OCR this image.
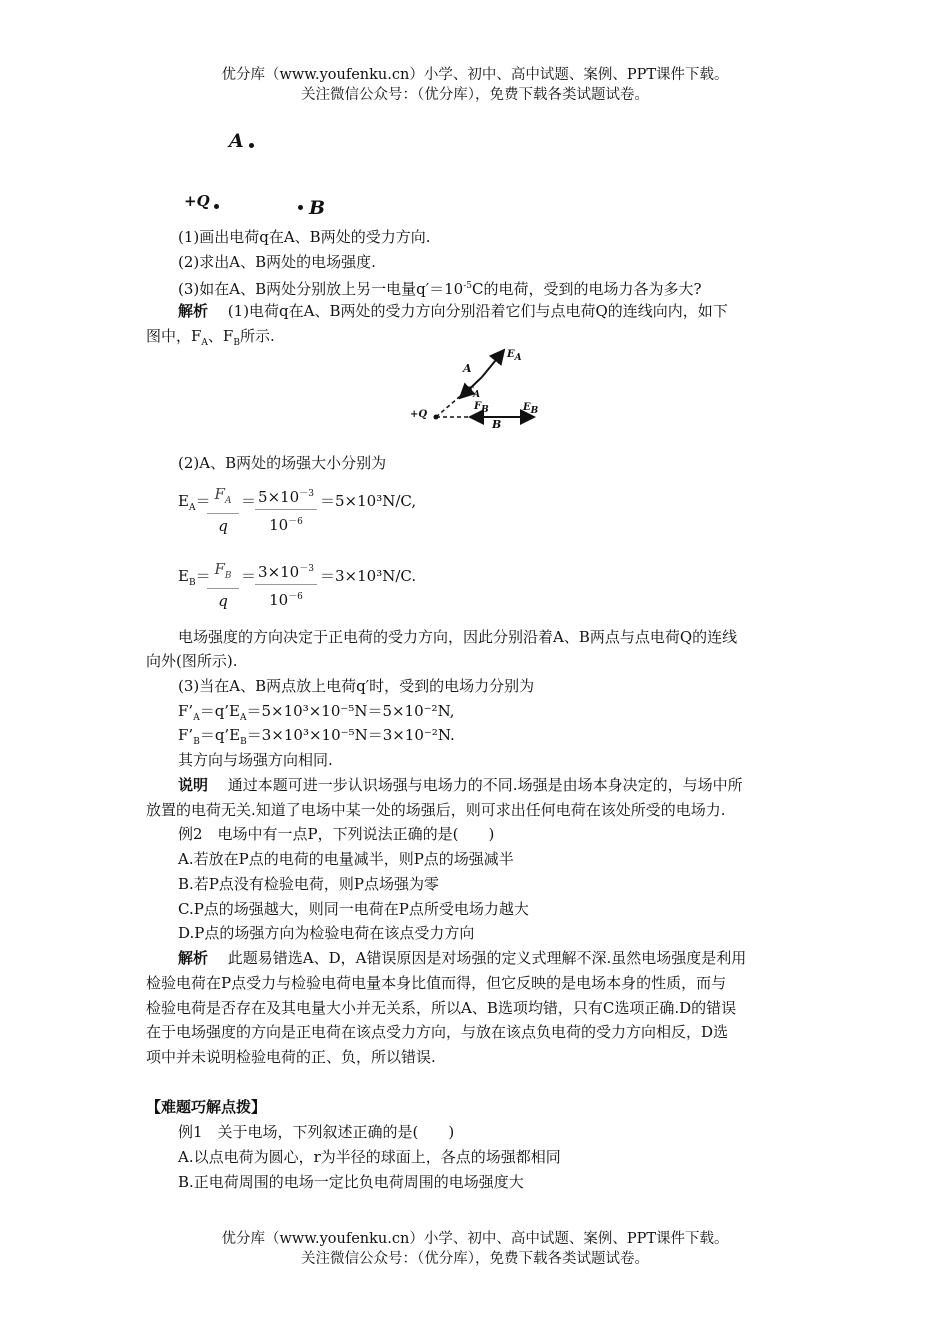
优分库（www.youfenku.cn）小学、初中、高中试题、案例、PPT课件下载。
关注微信公众号：（优分库），免费下载各类试题试卷。
A
+Q	B
(1)画出电荷q在A、B两处的受力方向.
(2)求出A、B两处的电场强度.
(3)如在A、B两处分别放上另一电量$q'=10^{-5}C$的电荷，受到的电场力各为多大?
解析　 (1)电荷q在A、B两处的受力方向分别沿着它们与点电荷Q的连线向内，如下
图中，$F_A$、$F_B$所示.
$E_A$
A
$F_A$
$F_B$	$E_B$
+Q
B
(2)A、B两处的场强大小分别为
$E_A=$
$\frac{F_A}{q}$ ＝
$\frac{5\times 10^{-3}}{10^{-6}} =5\times 10^3N/C$,
$E_B=$
$\frac{F_B}{q}$ ＝
$\frac{3\times 10^{-3}}{10^{-6}} =3\times 10^3N/C$.
电场强度的方向决定于正电荷的受力方向，因此分别沿着A、B两点与点电荷Q的连线
向外(图所示).
(3)当在A、B两点放上电荷q′时，受到的电场力分别为
$F’_A=q’E_A=5\times 10^3\times 10^{-5}N=5\times 10^{-2}N$,
$F’_B=q’E_B=3\times 10^3\times 10^{-5}N=3\times 10^{-2}N$.
其方向与场强方向相同.
说明　 通过本题可进一步认识场强与电场力的不同.场强是由场本身决定的，与场中所
放置的电荷无关.知道了电场中某一处的场强后，则可求出任何电荷在该处所受的电场力.
例2　电场中有一点P，下列说法正确的是(　　)
A.若放在P点的电荷的电量减半，则P点的场强减半
B.若P点没有检验电荷，则P点场强为零
C.P点的场强越大，则同一电荷在P点所受电场力越大
D.P点的场强方向为检验电荷在该点受力方向
解析　 此题易错选A、D，A错误原因是对场强的定义式理解不深.虽然电场强度是利用
检验电荷在P点受力与检验电荷电量本身比值而得，但它反映的是电场本身的性质，而与
检验电荷是否存在及其电量大小并无关系，所以A、B选项均错，只有C选项正确.D的错误
在于电场强度的方向是正电荷在该点受力方向，与放在该点负电荷的受力方向相反，D选
项中并未说明检验电荷的正、负，所以错误.
【难题巧解点拨】
例1　关于电场，下列叙述正确的是(　　)
A.以点电荷为圆心，r为半径的球面上，各点的场强都相同
B.正电荷周围的电场一定比负电荷周围的电场强度大
优分库（www.youfenku.cn）小学、初中、高中试题、案例、PPT课件下载。
关注微信公众号：（优分库），免费下载各类试题试卷。
